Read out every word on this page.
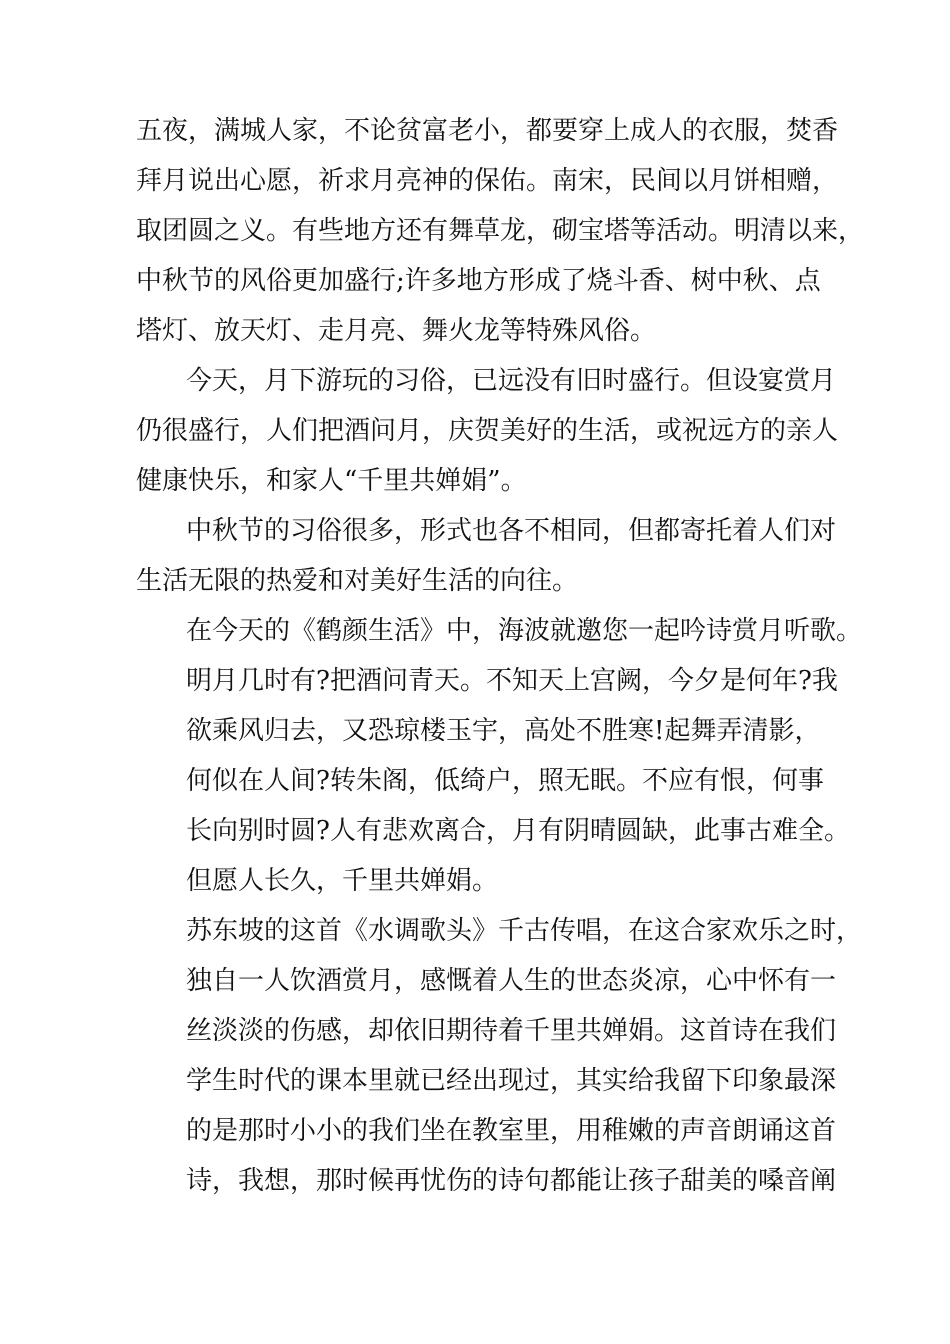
五夜，满城人家，不论贫富老小，都要穿上成人的衣服，焚香
拜月说出心愿，祈求月亮神的保佑。南宋，民间以月饼相赠，
取团圆之义。有些地方还有舞草龙，砌宝塔等活动。明清以来，
中秋节的风俗更加盛行;许多地方形成了烧斗香、树中秋、点
塔灯、放天灯、走月亮、舞火龙等特殊风俗。
今天，月下游玩的习俗，已远没有旧时盛行。但设宴赏月
仍很盛行，人们把酒问月，庆贺美好的生活，或祝远方的亲人
健康快乐，和家人“千里共婵娟”。
中秋节的习俗很多，形式也各不相同，但都寄托着人们对
生活无限的热爱和对美好生活的向往。
在今天的《鹤颜生活》中，海波就邀您一起吟诗赏月听歌。
明月几时有?把酒问青天。不知天上宫阙，今夕是何年?我
欲乘风归去，又恐琼楼玉宇，高处不胜寒!起舞弄清影，
何似在人间?转朱阁，低绮户，照无眠。不应有恨，何事
长向别时圆?人有悲欢离合，月有阴晴圆缺，此事古难全。
但愿人长久，千里共婵娟。
苏东坡的这首《水调歌头》千古传唱，在这合家欢乐之时，
独自一人饮酒赏月，感慨着人生的世态炎凉，心中怀有一
丝淡淡的伤感，却依旧期待着千里共婵娟。这首诗在我们
学生时代的课本里就已经出现过，其实给我留下印象最深
的是那时小小的我们坐在教室里，用稚嫩的声音朗诵这首
诗，我想，那时候再忧伤的诗句都能让孩子甜美的嗓音阐
